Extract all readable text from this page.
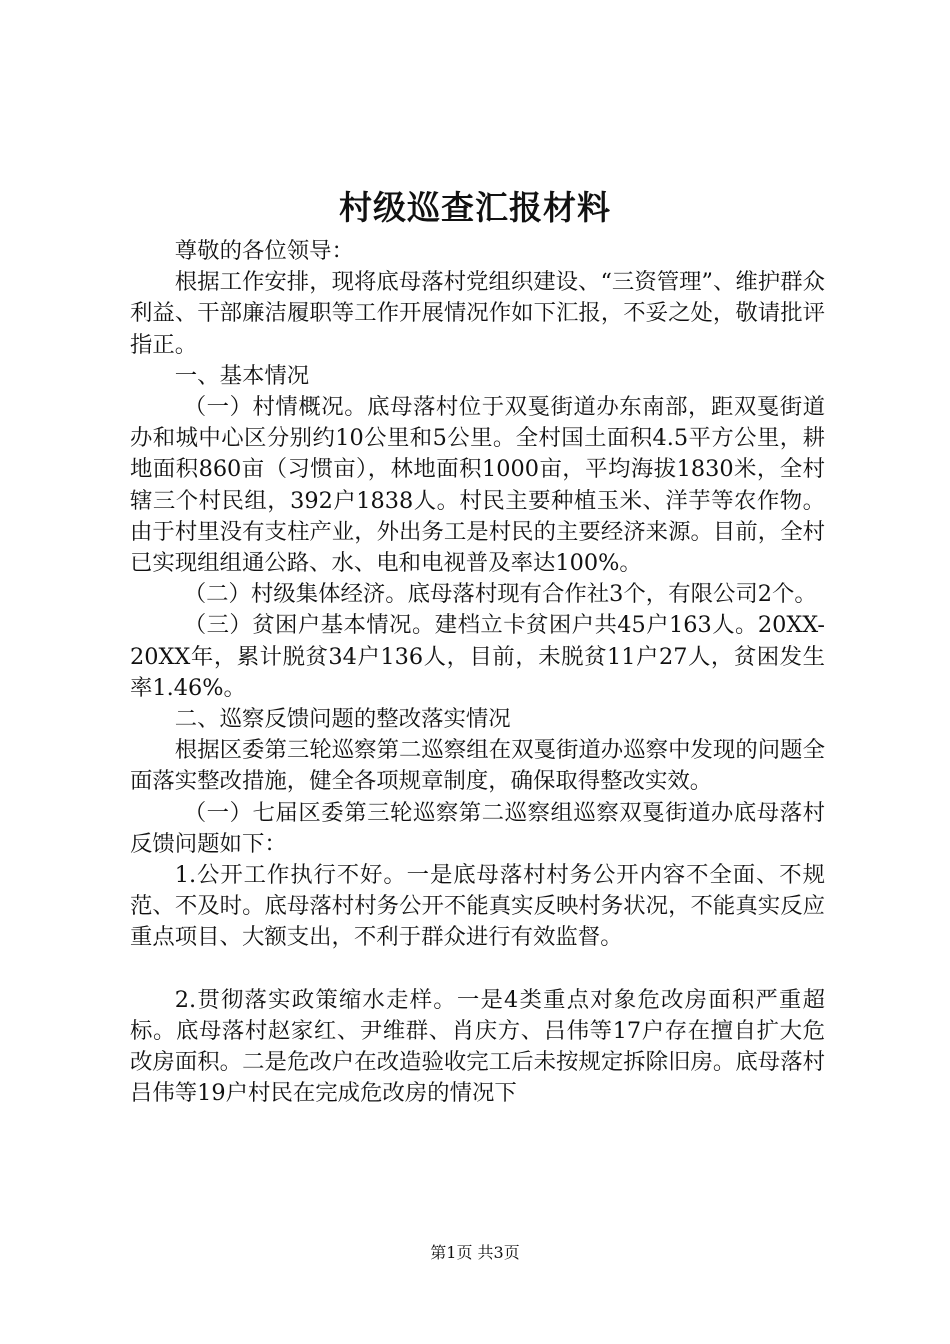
村级巡查汇报材料

尊敬的各位领导：

根据工作安排，现将底母落村党组织建设、“三资管理”、维护群众利益、干部廉洁履职等工作开展情况作如下汇报，不妥之处，敬请批评指正。

一、基本情况

（一）村情概况。底母落村位于双戛街道办东南部，距双戛街道办和城中心区分别约10公里和5公里。全村国土面积4.5平方公里，耕地面积860亩（习惯亩），林地面积1000亩，平均海拔1830米，全村辖三个村民组，392户1838人。村民主要种植玉米、洋芋等农作物。由于村里没有支柱产业，外出务工是村民的主要经济来源。目前，全村已实现组组通公路、水、电和电视普及率达100%。

（二）村级集体经济。底母落村现有合作社3个，有限公司2个。

（三）贫困户基本情况。建档立卡贫困户共45户163人。20XX-20XX年，累计脱贫34户136人，目前，未脱贫11户27人，贫困发生率1.46%。

二、巡察反馈问题的整改落实情况

根据区委第三轮巡察第二巡察组在双戛街道办巡察中发现的问题全面落实整改措施，健全各项规章制度，确保取得整改实效。

（一）七届区委第三轮巡察第二巡察组巡察双戛街道办底母落村反馈问题如下：

1.公开工作执行不好。一是底母落村村务公开内容不全面、不规范、不及时。底母落村村务公开不能真实反映村务状况，不能真实反应重点项目、大额支出，不利于群众进行有效监督。

2.贯彻落实政策缩水走样。一是4类重点对象危改房面积严重超标。底母落村赵家红、尹维群、肖庆方、吕伟等17户存在擅自扩大危改房面积。二是危改户在改造验收完工后未按规定拆除旧房。底母落村吕伟等19户村民在完成危改房的情况下

第1页 共3页
